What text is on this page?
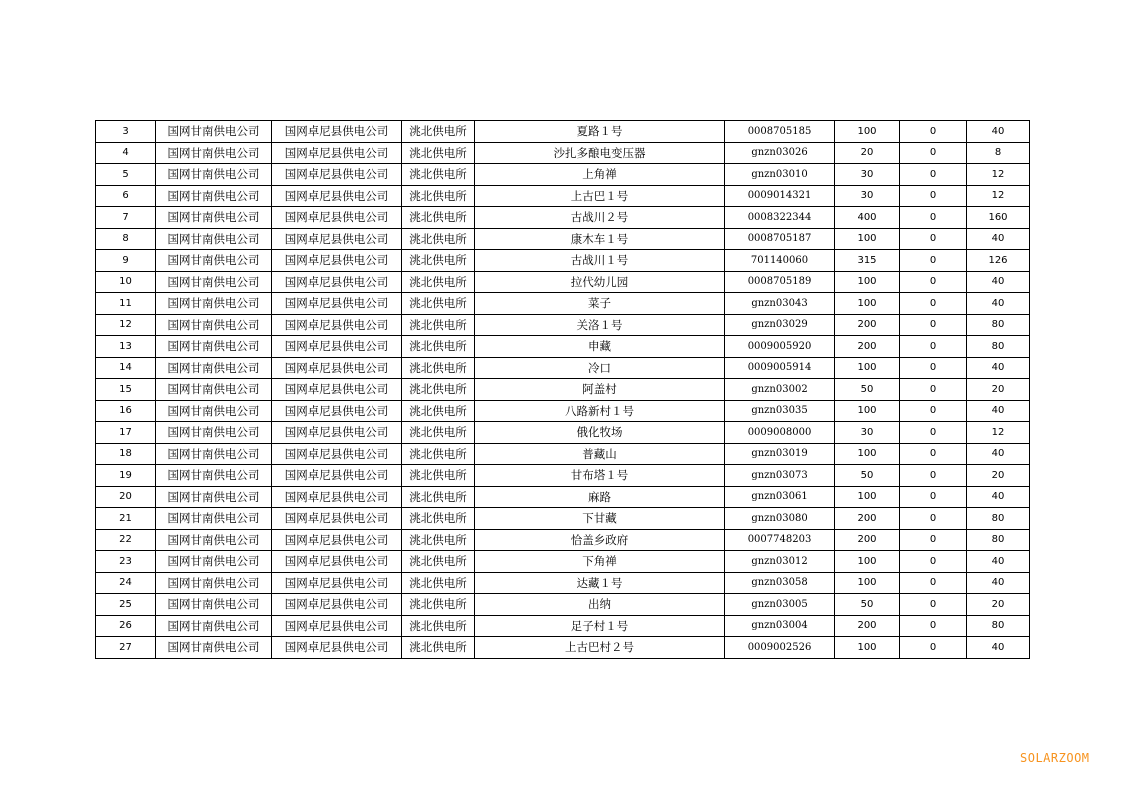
3	国网甘南供电公司	国网卓尼县供电公司	洮北供电所	夏路１号	0008705185	100	0	40
4	国网甘南供电公司	国网卓尼县供电公司	洮北供电所	沙扎多酿电变压器	gnzn03026	20	0	8
5	国网甘南供电公司	国网卓尼县供电公司	洮北供电所	上角禅	gnzn03010	30	0	12
6	国网甘南供电公司	国网卓尼县供电公司	洮北供电所	上古巴１号	0009014321	30	0	12
7	国网甘南供电公司	国网卓尼县供电公司	洮北供电所	古战川２号	0008322344	400	0	160
8	国网甘南供电公司	国网卓尼县供电公司	洮北供电所	康木车１号	0008705187	100	0	40
9	国网甘南供电公司	国网卓尼县供电公司	洮北供电所	古战川１号	701140060	315	0	126
10	国网甘南供电公司	国网卓尼县供电公司	洮北供电所	拉代幼儿园	0008705189	100	0	40
11	国网甘南供电公司	国网卓尼县供电公司	洮北供电所	菜子	gnzn03043	100	0	40
12	国网甘南供电公司	国网卓尼县供电公司	洮北供电所	关洛１号	gnzn03029	200	0	80
13	国网甘南供电公司	国网卓尼县供电公司	洮北供电所	申藏	0009005920	200	0	80
14	国网甘南供电公司	国网卓尼县供电公司	洮北供电所	冷口	0009005914	100	0	40
15	国网甘南供电公司	国网卓尼县供电公司	洮北供电所	阿盖村	gnzn03002	50	0	20
16	国网甘南供电公司	国网卓尼县供电公司	洮北供电所	八路新村１号	gnzn03035	100	0	40
17	国网甘南供电公司	国网卓尼县供电公司	洮北供电所	俄化牧场	0009008000	30	0	12
18	国网甘南供电公司	国网卓尼县供电公司	洮北供电所	普藏山	gnzn03019	100	0	40
19	国网甘南供电公司	国网卓尼县供电公司	洮北供电所	甘布塔１号	gnzn03073	50	0	20
20	国网甘南供电公司	国网卓尼县供电公司	洮北供电所	麻路	gnzn03061	100	0	40
21	国网甘南供电公司	国网卓尼县供电公司	洮北供电所	下甘藏	gnzn03080	200	0	80
22	国网甘南供电公司	国网卓尼县供电公司	洮北供电所	恰盖乡政府	0007748203	200	0	80
23	国网甘南供电公司	国网卓尼县供电公司	洮北供电所	下角禅	gnzn03012	100	0	40
24	国网甘南供电公司	国网卓尼县供电公司	洮北供电所	达藏１号	gnzn03058	100	0	40
25	国网甘南供电公司	国网卓尼县供电公司	洮北供电所	出纳	gnzn03005	50	0	20
26	国网甘南供电公司	国网卓尼县供电公司	洮北供电所	足子村１号	gnzn03004	200	0	80
27	国网甘南供电公司	国网卓尼县供电公司	洮北供电所	上古巴村２号	0009002526	100	0	40
SOLARZOOM
